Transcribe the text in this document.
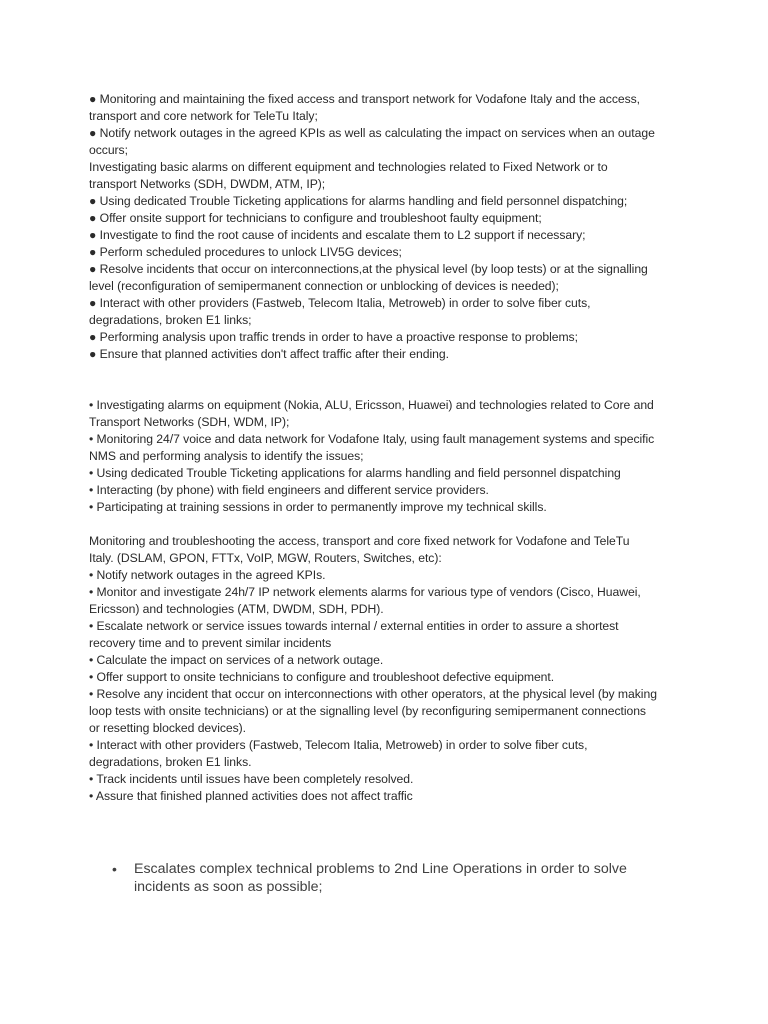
● Monitoring and maintaining the fixed access and transport network for Vodafone Italy and the access,
transport and core network for TeleTu Italy;
● Notify network outages in the agreed KPIs as well as calculating the impact on services when an outage
occurs;
Investigating basic alarms on different equipment and technologies related to Fixed Network or to
transport Networks (SDH, DWDM, ATM, IP);
● Using dedicated Trouble Ticketing applications for alarms handling and field personnel dispatching;
● Offer onsite support for technicians to configure and troubleshoot faulty equipment;
● Investigate to find the root cause of incidents and escalate them to L2 support if necessary;
● Perform scheduled procedures to unlock LIV5G devices;
● Resolve incidents that occur on interconnections,at the physical level (by loop tests) or at the signalling
level (reconfiguration of semipermanent connection or unblocking of devices is needed);
● Interact with other providers (Fastweb, Telecom Italia, Metroweb) in order to solve fiber cuts,
degradations, broken E1 links;
● Performing analysis upon traffic trends in order to have a proactive response to problems;
● Ensure that planned activities don't affect traffic after their ending.
• Investigating alarms on equipment (Nokia, ALU, Ericsson, Huawei) and technologies related to Core and
Transport Networks (SDH, WDM, IP);
• Monitoring 24/7 voice and data network for Vodafone Italy, using fault management systems and specific
NMS and performing analysis to identify the issues;
• Using dedicated Trouble Ticketing applications for alarms handling and field personnel dispatching
• Interacting (by phone) with field engineers and different service providers.
• Participating at training sessions in order to permanently improve my technical skills.
Monitoring and troubleshooting the access, transport and core fixed network for Vodafone and TeleTu
Italy. (DSLAM, GPON, FTTx, VoIP, MGW, Routers, Switches, etc):
• Notify network outages in the agreed KPIs.
• Monitor and investigate 24h/7 IP network elements alarms for various type of vendors (Cisco, Huawei,
Ericsson) and technologies (ATM, DWDM, SDH, PDH).
• Escalate network or service issues towards internal / external entities in order to assure a shortest
recovery time and to prevent similar incidents
• Calculate the impact on services of a network outage.
• Offer support to onsite technicians to configure and troubleshoot defective equipment.
• Resolve any incident that occur on interconnections with other operators, at the physical level (by making
loop tests with onsite technicians) or at the signalling level (by reconfiguring semipermanent connections
or resetting blocked devices).
• Interact with other providers (Fastweb, Telecom Italia, Metroweb) in order to solve fiber cuts,
degradations, broken E1 links.
• Track incidents until issues have been completely resolved.
• Assure that finished planned activities does not affect traffic
• Escalates complex technical problems to 2nd Line Operations in order to solve
incidents as soon as possible;
